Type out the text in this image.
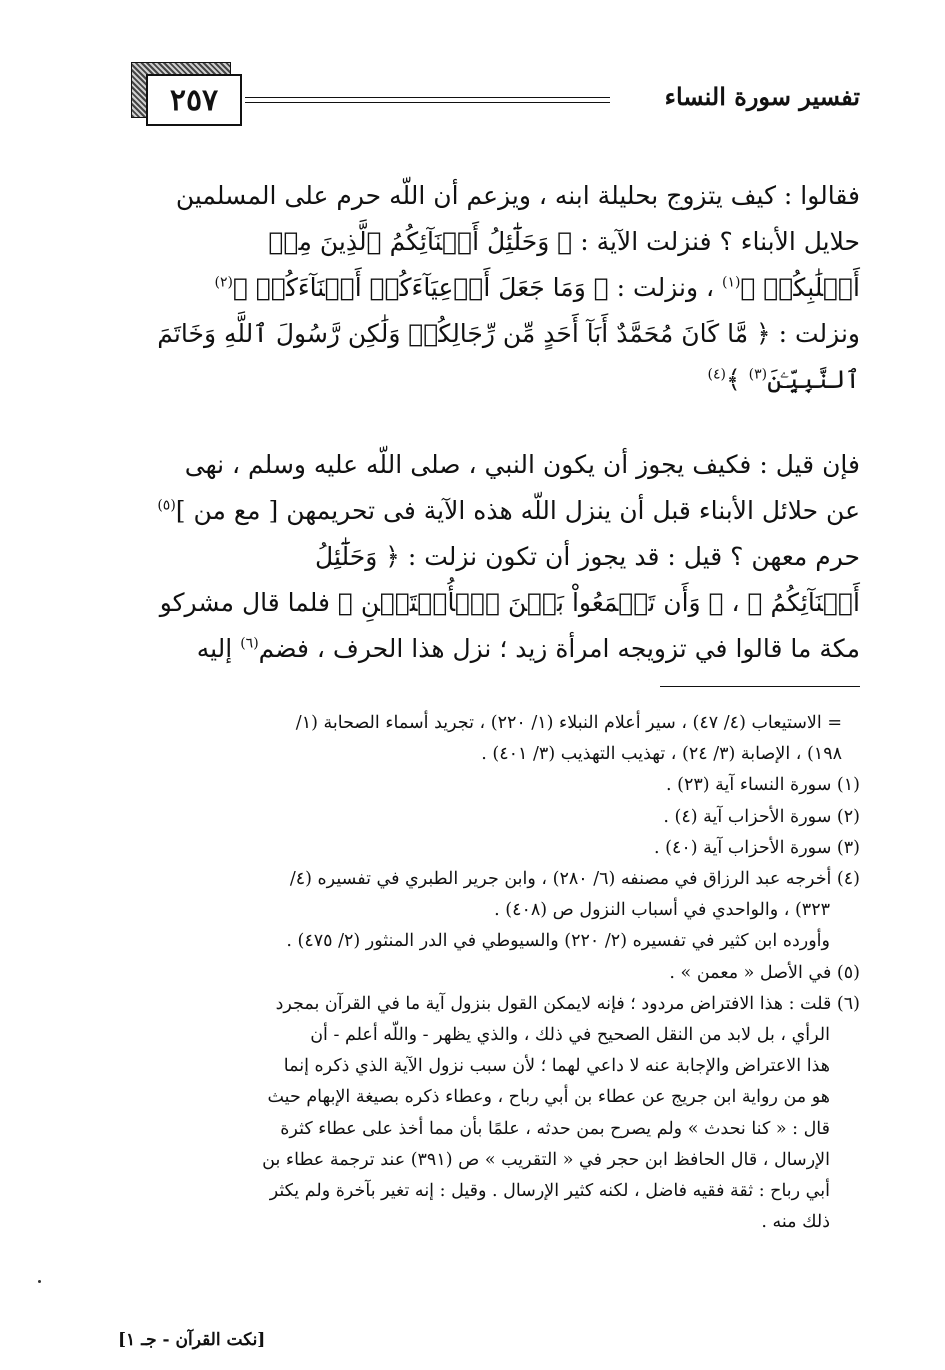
تفسير سورة النساء
٢٥٧

فقالوا : كيف يتزوج بحليلة ابنه ، ويزعم أن اللّه حرم على المسلمين

حلايل الأبناء ؟ فنزلت الآية : ﴿ وَحَلَٰٓئِلُ أَبۡنَآئِكُمُ ٱلَّذِينَ مِنۡ

أَصۡلَٰبِكُمۡ ﴾$^{(١)}$ ، ونزلت : ﴿ وَمَا جَعَلَ أَدۡعِيَآءَكُمۡ أَبۡنَآءَكُمۡ ﴾$^{(٢)}$

ونزلت : ﴿ مَّا كَانَ مُحَمَّدٌ أَبَآ أَحَدٍ مِّن رِّجَالِكُمۡ وَلَٰكِن رَّسُولَ ٱللَّهِ وَخَاتَمَ

ٱلنَّبِيِّـۧنَ$^{(٣)}$ ﴾$^{(٤)}$

فإن قيل : فكيف يجوز أن يكون النبي ، صلى اللّه عليه وسلم ، نهى

عن حلائل الأبناء قبل أن ينزل اللّه هذه الآية فى تحريمهن [ مع من ]$^{(٥)}$

حرم معهن ؟ قيل : قد يجوز أن تكون نزلت : ﴿ وَحَلَٰٓئِلُ

أَبۡنَآئِكُمُ ﴾ ، ﴿ وَأَن تَجۡمَعُواْ بَيۡنَ ٱلۡأُخۡتَيۡنِ ﴾ فلما قال مشركو

مكة ما قالوا في تزويجه امرأة زيد ؛ نزل هذا الحرف ، فضم$^{(٦)}$ إليه

= الاستيعاب (٤/ ٤٧) ، سير أعلام النبلاء (١/ ٢٢٠) ، تجريد أسماء الصحابة (١/

١٩٨) ، الإصابة (٣/ ٢٤) ، تهذيب التهذيب (٣/ ٤٠١) .

(١) سورة النساء آية (٢٣) .

(٢) سورة الأحزاب آية (٤) .

(٣) سورة الأحزاب آية (٤٠) .

(٤) أخرجه عبد الرزاق في مصنفه (٦/ ٢٨٠) ، وابن جرير الطبري في تفسيره (٤/

٣٢٣) ، والواحدي في أسباب النزول ص (٤٠٨) .

وأورده ابن كثير في تفسيره (٢/ ٢٢٠) والسيوطي في الدر المنثور (٢/ ٤٧٥) .

(٥) في الأصل « معمن » .

(٦) قلت : هذا الافتراض مردود ؛ فإنه لايمكن القول بنزول آية ما في القرآن بمجرد

الرأي ، بل لابد من النقل الصحيح في ذلك ، والذي يظهر - واللّه أعلم - أن

هذا الاعتراض والإجابة عنه لا داعي لهما ؛ لأن سبب نزول الآية الذي ذكره إنما

هو من رواية ابن جريج عن عطاء بن أبي رباح ، وعطاء ذكره بصيغة الإبهام حيث

قال : « كنا نحدث » ولم يصرح بمن حدثه ، علمًا بأن مما أخذ على عطاء كثرة

الإرسال ، قال الحافظ ابن حجر في « التقريب » ص (٣٩١) عند ترجمة عطاء بن

أبي رباح : ثقة فقيه فاضل ، لكنه كثير الإرسال . وقيل : إنه تغير بآخرة ولم يكثر

ذلك منه .

[نكت القرآن - جـ ١]
